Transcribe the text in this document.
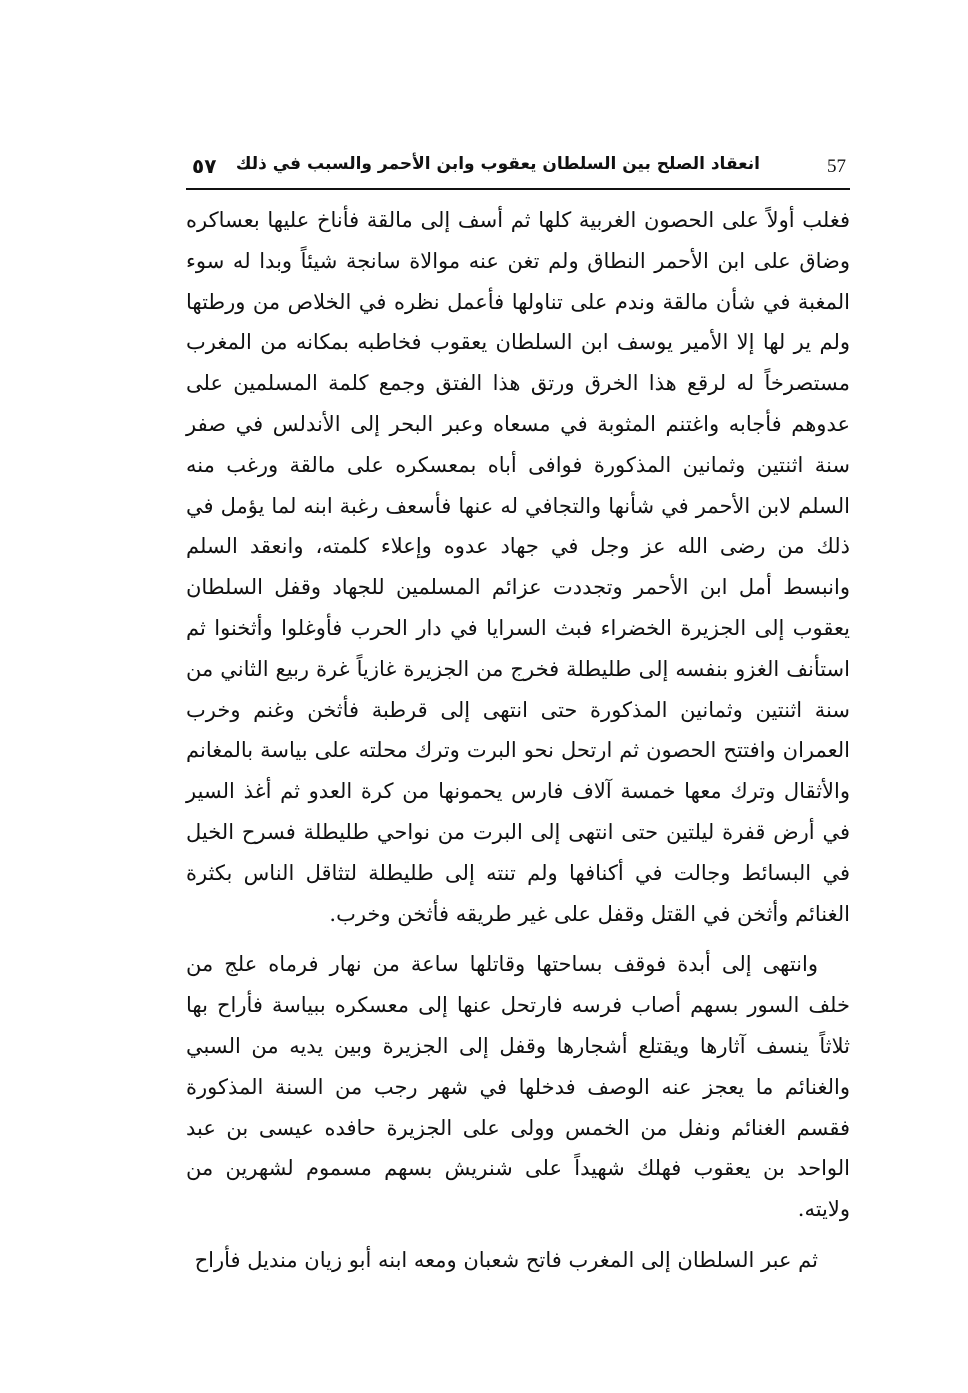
57
انعقاد الصلح بين السلطان يعقوب وابن الأحمر والسبب في ذلك
٥٧

فغلب أولاً على الحصون الغربية كلها ثم أسف إلى مالقة فأناخ عليها بعساكره وضاق على ابن الأحمر النطاق ولم تغن عنه موالاة سانجة شيئاً وبدا له سوء المغبة في شأن مالقة وندم على تناولها فأعمل نظره في الخلاص من ورطتها ولم ير لها إلا الأمير يوسف ابن السلطان يعقوب فخاطبه بمكانه من المغرب مستصرخاً له لرقع هذا الخرق ورتق هذا الفتق وجمع كلمة المسلمين على عدوهم فأجابه واغتنم المثوبة في مسعاه وعبر البحر إلى الأندلس في صفر سنة اثنتين وثمانين المذكورة فوافى أباه بمعسكره على مالقة ورغب منه السلم لابن الأحمر في شأنها والتجافي له عنها فأسعف رغبة ابنه لما يؤمل في ذلك من رضى الله عز وجل في جهاد عدوه وإعلاء كلمته، وانعقد السلم وانبسط أمل ابن الأحمر وتجددت عزائم المسلمين للجهاد وقفل السلطان يعقوب إلى الجزيرة الخضراء فبث السرايا في دار الحرب فأوغلوا وأثخنوا ثم استأنف الغزو بنفسه إلى طليطلة فخرج من الجزيرة غازياً غرة ربيع الثاني من سنة اثنتين وثمانين المذكورة حتى انتهى إلى قرطبة فأثخن وغنم وخرب العمران وافتتح الحصون ثم ارتحل نحو البرت وترك محلته على بياسة بالمغانم والأثقال وترك معها خمسة آلاف فارس يحمونها من كرة العدو ثم أغذ السير في أرض قفرة ليلتين حتى انتهى إلى البرت من نواحي طليطلة فسرح الخيل في البسائط وجالت في أكنافها ولم تنته إلى طليطلة لتثاقل الناس بكثرة الغنائم وأثخن في القتل وقفل على غير طريقه فأثخن وخرب.

وانتهى إلى أبدة فوقف بساحتها وقاتلها ساعة من نهار فرماه علج من خلف السور بسهم أصاب فرسه فارتحل عنها إلى معسكره ببياسة فأراح بها ثلاثاً ينسف آثارها ويقتلع أشجارها وقفل إلى الجزيرة وبين يديه من السبي والغنائم ما يعجز عنه الوصف فدخلها في شهر رجب من السنة المذكورة فقسم الغنائم ونفل من الخمس وولى على الجزيرة حافده عيسى بن عبد الواحد بن يعقوب فهلك شهيداً على شنريش بسهم مسموم لشهرين من ولايته.

ثم عبر السلطان إلى المغرب فاتح شعبان ومعه ابنه أبو زيان منديل فأراح
